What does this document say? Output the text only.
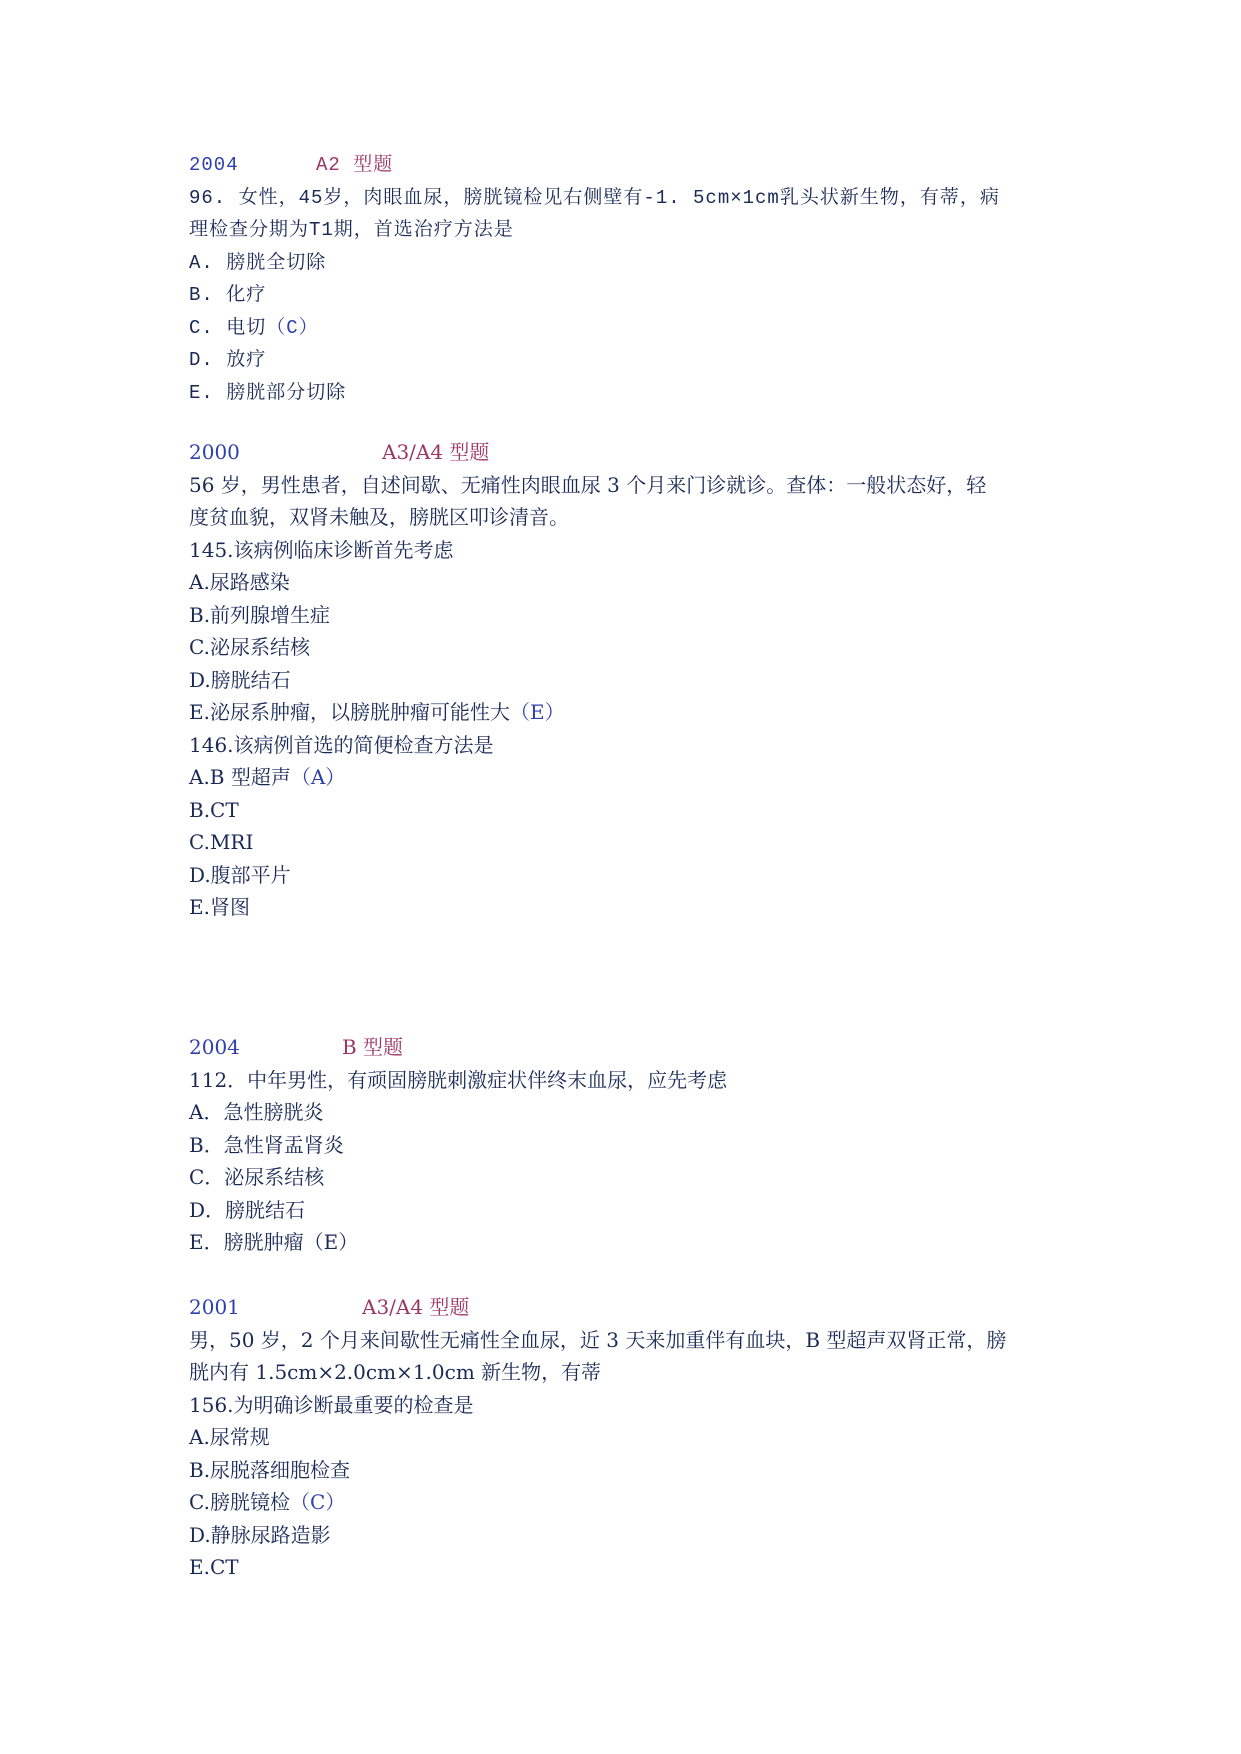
2004	A2 型题
96. 女性，45岁，肉眼血尿，膀胱镜检见右侧壁有-1. 5cm×1cm乳头状新生物，有蒂，病
理检查分期为T1期，首选治疗方法是
A. 膀胱全切除
B. 化疗
C. 电切（C）
D. 放疗
E. 膀胱部分切除
2000	A3/A4 型题
56 岁，男性患者，自述间歇、无痛性肉眼血尿 3 个月来门诊就诊。查体：一般状态好，轻
度贫血貌，双肾未触及，膀胱区叩诊清音。
145.该病例临床诊断首先考虑
A.尿路感染
B.前列腺增生症
C.泌尿系结核
D.膀胱结石
E.泌尿系肿瘤，以膀胱肿瘤可能性大（E）
146.该病例首选的简便检查方法是
A.B 型超声（A）
B.CT
C.MRI
D.腹部平片
E.肾图
2004	B 型题
112．中年男性，有顽固膀胱刺激症状伴终末血尿，应先考虑
A．急性膀胱炎
B．急性肾盂肾炎
C．泌尿系结核
D．膀胱结石
E．膀胱肿瘤（E）
2001	A3/A4 型题
男，50 岁，2 个月来间歇性无痛性全血尿，近 3 天来加重伴有血块，B 型超声双肾正常，膀
胱内有 1.5cm×2.0cm×1.0cm 新生物，有蒂
156.为明确诊断最重要的检查是
A.尿常规
B.尿脱落细胞检查
C.膀胱镜检（C）
D.静脉尿路造影
E.CT
